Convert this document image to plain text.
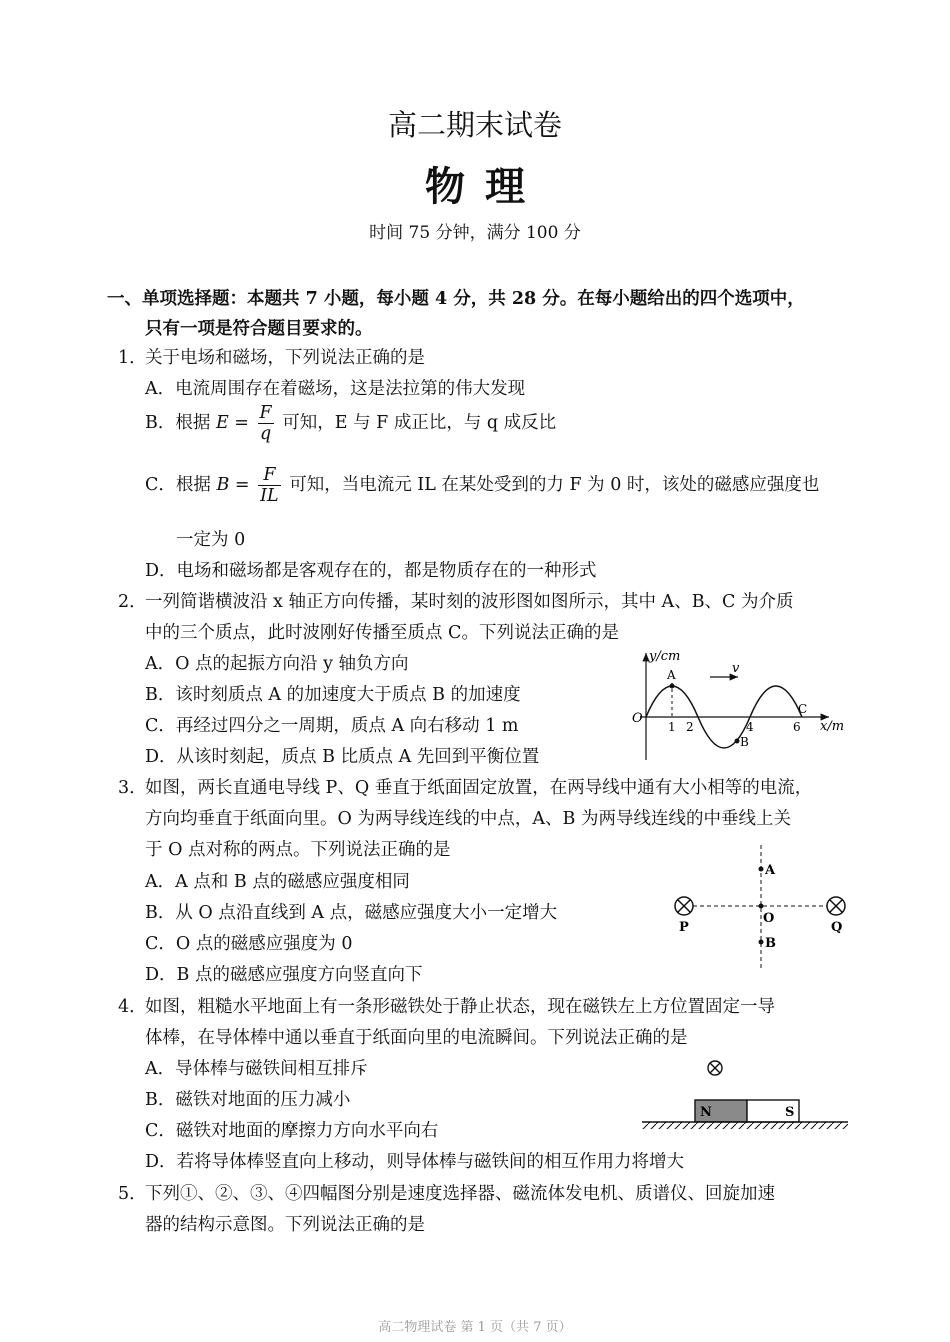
高二期末试卷
物理
时间 75 分钟，满分 100 分
一、单项选择题：本题共 7 小题，每小题 4 分，共 28 分。在每小题给出的四个选项中，
只有一项是符合题目要求的。
1．
关于电场和磁场，下列说法正确的是
A．电流周围存在着磁场，这是法拉第的伟大发现
B．根据 $E = \frac{F}{q}$ 可知，E 与 F 成正比，与 q 成反比
C．根据 $B = \frac{F}{IL}$ 可知，当电流元 IL 在某处受到的力 F 为 0 时，该处的磁感应强度也
一定为 0
D．电场和磁场都是客观存在的，都是物质存在的一种形式
2．
一列简谐横波沿 x 轴正方向传播，某时刻的波形图如图所示，其中 A、B、C 为介质
中的三个质点，此时波刚好传播至质点 C。下列说法正确的是
A．O 点的起振方向沿 y 轴负方向
B．该时刻质点 A 的加速度大于质点 B 的加速度
C．再经过四分之一周期，质点 A 向右移动 1 m
D．从该时刻起，质点 B 比质点 A 先回到平衡位置
y/cm
x/m
O
A
B
C
1 2	4	6
v
3．
如图，两长直通电导线 P、Q 垂直于纸面固定放置，在两导线中通有大小相等的电流，
方向均垂直于纸面向里。O 为两导线连线的中点，A、B 为两导线连线的中垂线上关
于 O 点对称的两点。下列说法正确的是
A．A 点和 B 点的磁感应强度相同
B．从 O 点沿直线到 A 点，磁感应强度大小一定增大
C．O 点的磁感应强度为 0
D．B 点的磁感应强度方向竖直向下
A
O
B
P	Q
4．
如图，粗糙水平地面上有一条形磁铁处于静止状态，现在磁铁左上方位置固定一导
体棒，在导体棒中通以垂直于纸面向里的电流瞬间。下列说法正确的是
A．导体棒与磁铁间相互排斥
B．磁铁对地面的压力减小
C．磁铁对地面的摩擦力方向水平向右
D．若将导体棒竖直向上移动，则导体棒与磁铁间的相互作用力将增大
N	S
5．
下列①、②、③、④四幅图分别是速度选择器、磁流体发电机、质谱仪、回旋加速
器的结构示意图。下列说法正确的是
高二物理试卷 第 1 页（共 7 页）
